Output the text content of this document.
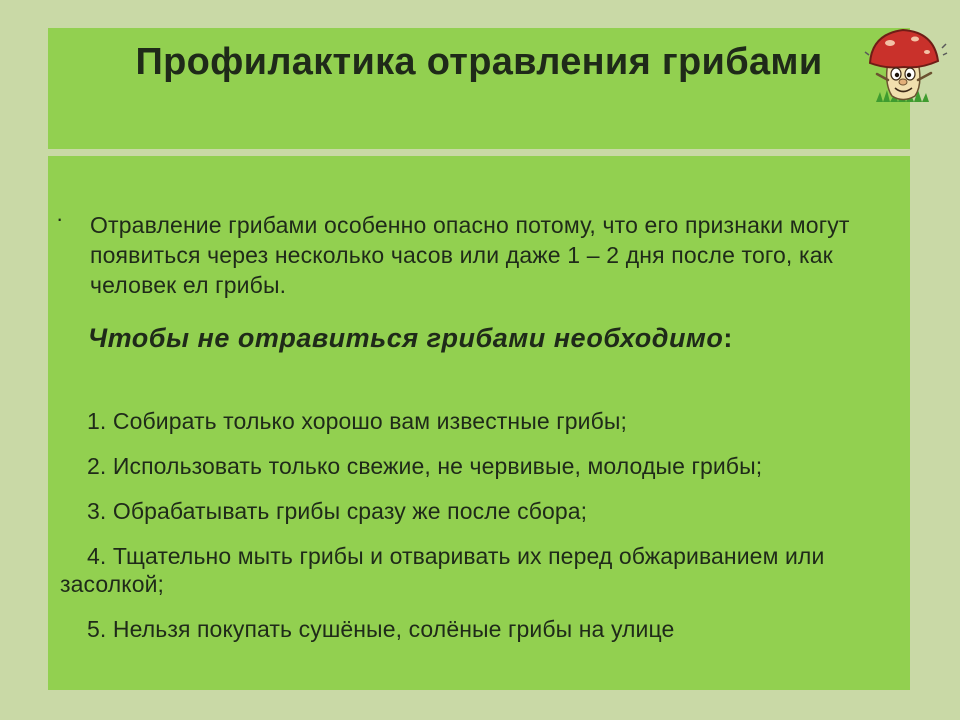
Профилактика отравления грибами
·	Отравление грибами особенно опасно потому, что его признаки могут появиться через несколько часов или даже 1 – 2 дня после того, как человек ел грибы.

Чтобы не отравиться грибами необходимо:

1. Собирать только хорошо вам известные грибы;

2. Использовать только свежие, не червивые, молодые грибы;

3. Обрабатывать грибы сразу же после сбора;

4. Тщательно мыть грибы и отваривать их перед обжариванием или засолкой;

5. Нельзя покупать сушёные, солёные грибы на улице
